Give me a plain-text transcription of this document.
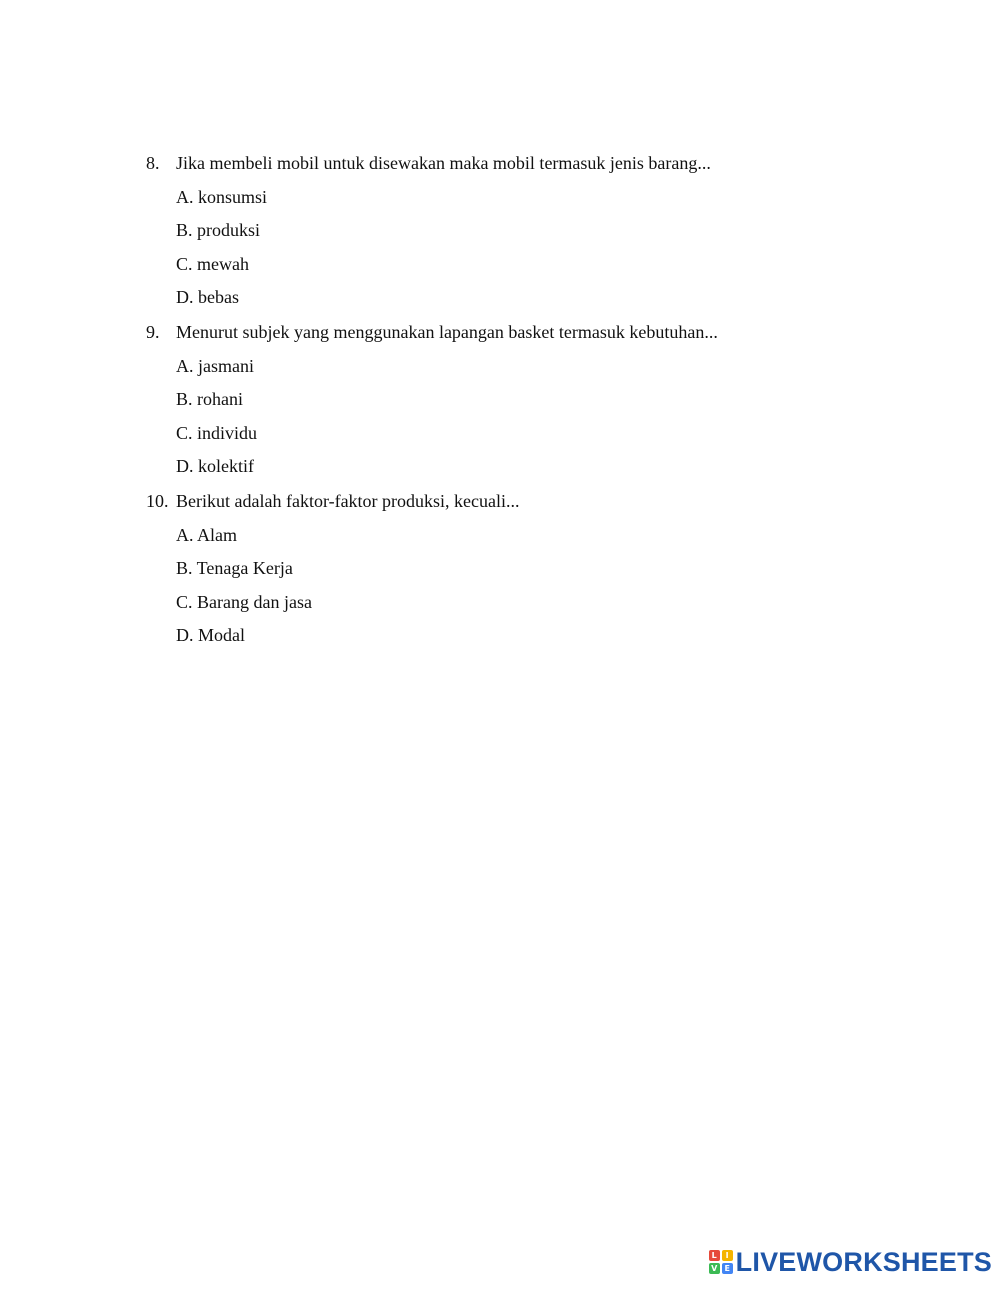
8. Jika membeli mobil untuk disewakan maka mobil termasuk jenis barang...
A. konsumsi
B. produksi
C. mewah
D. bebas
9. Menurut subjek yang menggunakan lapangan basket termasuk kebutuhan...
A. jasmani
B. rohani
C. individu
D. kolektif
10. Berikut adalah faktor-faktor produksi, kecuali...
A. Alam
B. Tenaga Kerja
C. Barang dan jasa
D. Modal
L	I
V E LIVEWORKSHEETS
